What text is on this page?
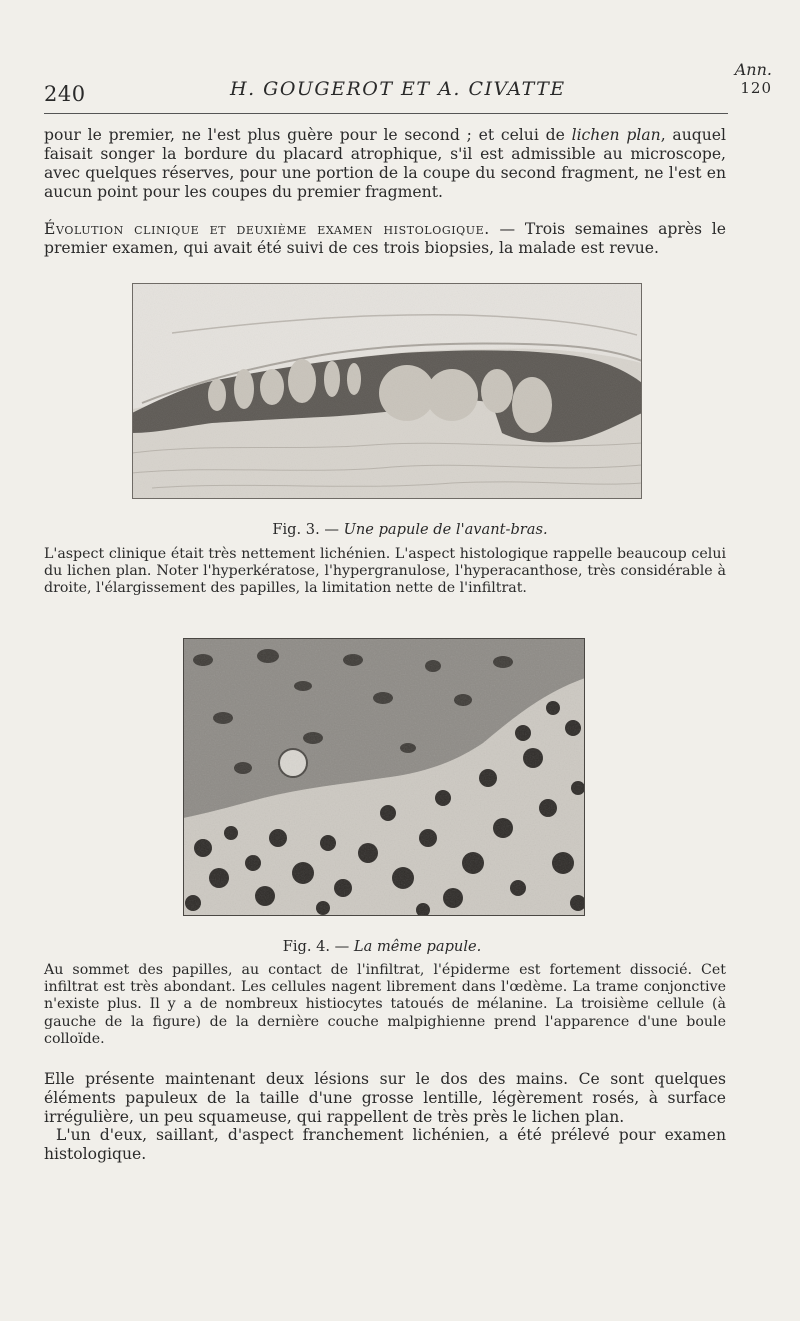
240	H. GOUGEROT ET A. CIVATTE
Ann.
120

pour le premier, ne l'est plus guère pour le second ; et celui de lichen plan, auquel faisait songer la bordure du placard atrophique, s'il est admissible au microscope, avec quelques réserves, pour une portion de la coupe du second fragment, ne l'est en aucun point pour les coupes du premier fragment.

Évolution clinique et deuxième examen histologique. — Trois semaines après le premier examen, qui avait été suivi de ces trois biopsies, la malade est revue.

Fig. 3. — Une papule de l'avant-bras.

L'aspect clinique était très nettement lichénien. L'aspect histologique rappelle beaucoup celui du lichen plan. Noter l'hyperkératose, l'hypergranulose, l'hyperacanthose, très considérable à droite, l'élargissement des papilles, la limitation nette de l'infiltrat.

Fig. 4. — La même papule.

Au sommet des papilles, au contact de l'infiltrat, l'épiderme est fortement dissocié. Cet infiltrat est très abondant. Les cellules nagent librement dans l'œdème. La trame conjonctive n'existe plus. Il y a de nombreux histiocytes tatoués de mélanine. La troisième cellule (à gauche de la figure) de la dernière couche malpighienne prend l'apparence d'une boule colloïde.

Elle présente maintenant deux lésions sur le dos des mains. Ce sont quelques éléments papuleux de la taille d'une grosse lentille, légèrement rosés, à surface irrégulière, un peu squameuse, qui rappellent de très près le lichen plan.

L'un d'eux, saillant, d'aspect franchement lichénien, a été prélevé pour examen histologique.
